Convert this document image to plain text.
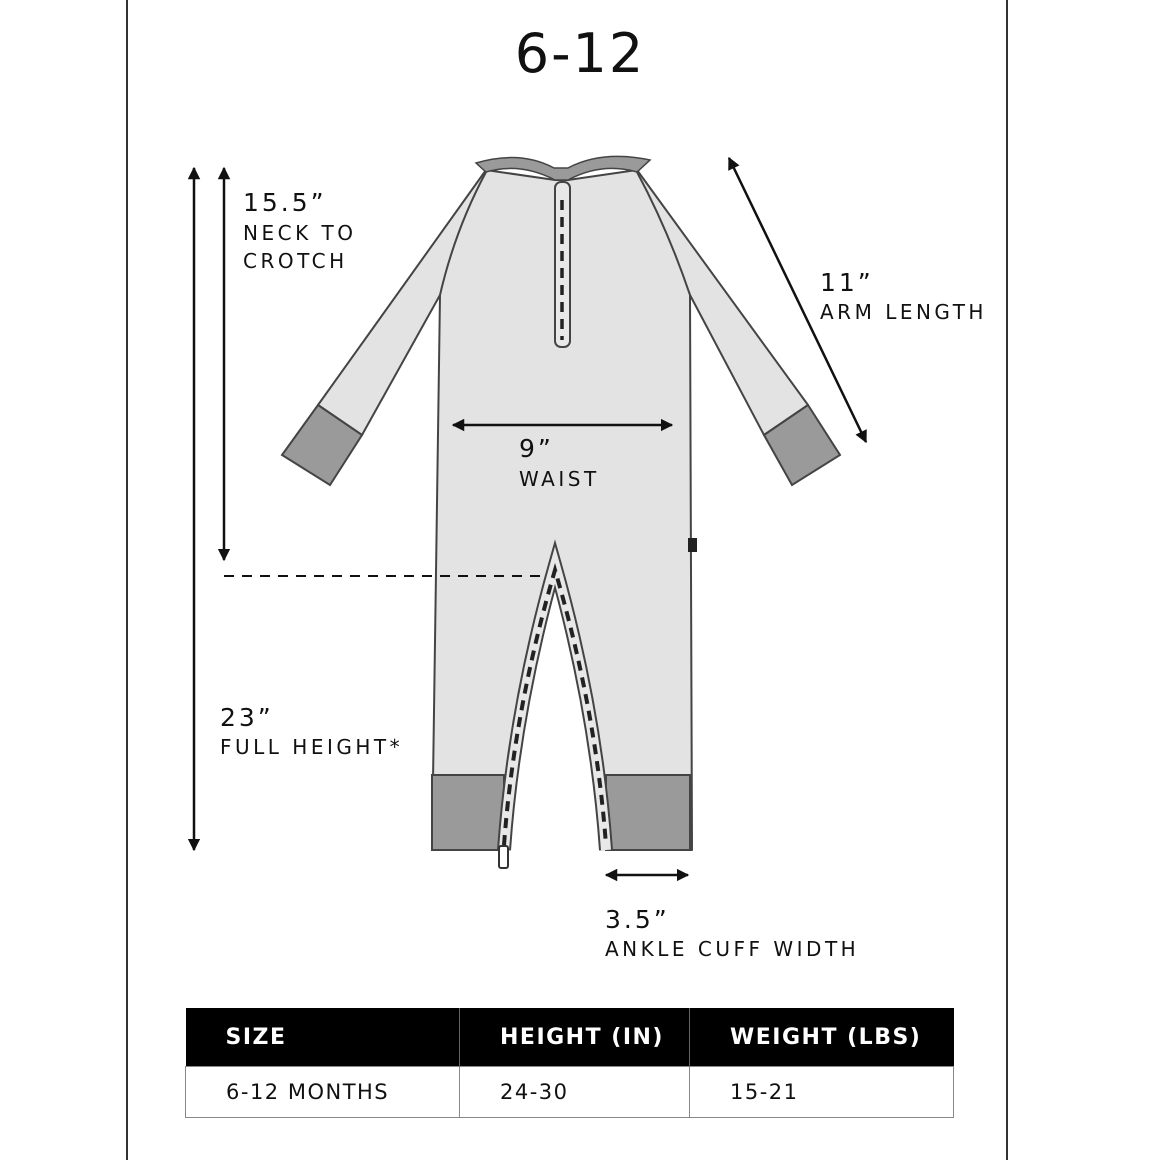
6-12
15.5”
NECK TO
CROTCH
11”
ARM LENGTH
9”
WAIST
23”
FULL HEIGHT*
3.5”
ANKLE CUFF WIDTH
SIZE	HEIGHT (IN)	WEIGHT (LBS)
6-12 MONTHS	24-30	15-21
